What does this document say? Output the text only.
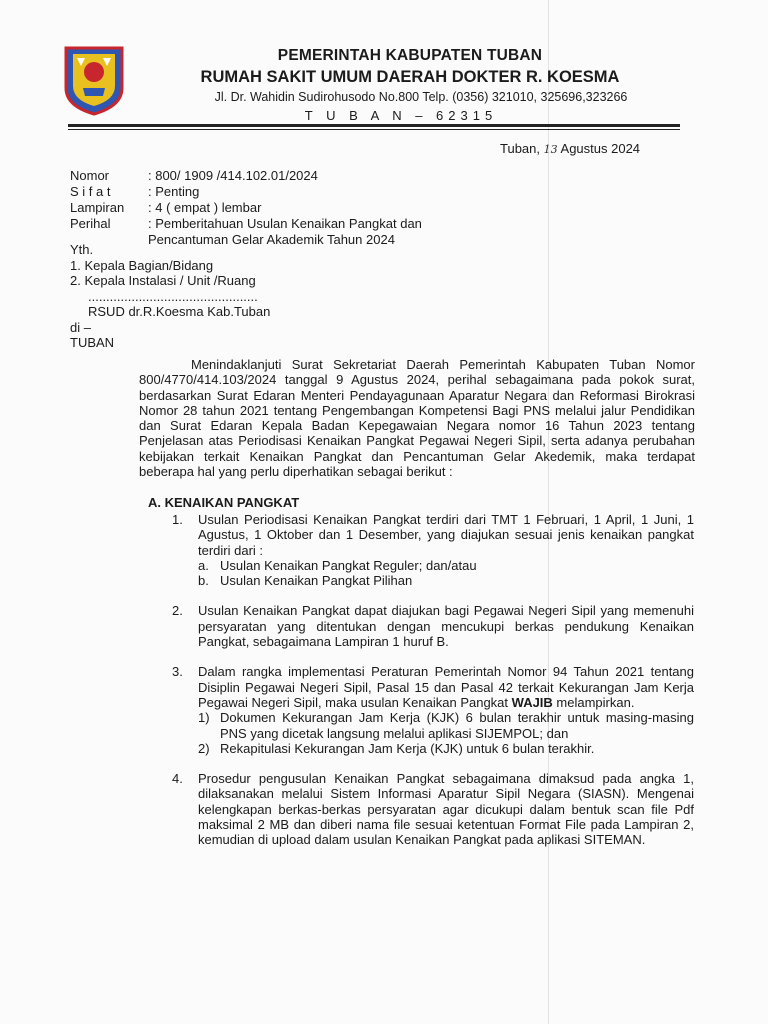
PEMERINTAH KABUPATEN TUBAN
RUMAH SAKIT UMUM DAERAH DOKTER R. KOESMA
Jl. Dr. Wahidin Sudirohusodo No.800 Telp. (0356) 321010, 325696,323266
T U B A N – 62315
Tuban, 13 Agustus 2024
Nomor	: 800/ 1909 /414.102.01/2024
S i f a t	: Penting
Lampiran	: 4 ( empat ) lembar
Perihal	: Pemberitahuan Usulan Kenaikan Pangkat dan
Pencantuman Gelar Akademik Tahun 2024
Yth.
1. Kepala Bagian/Bidang
2. Kepala Instalasi / Unit /Ruang
...............................................
RSUD dr.R.Koesma Kab.Tuban
di –
TUBAN

Menindaklanjuti Surat Sekretariat Daerah Pemerintah Kabupaten Tuban Nomor 800/4770/414.103/2024 tanggal 9 Agustus 2024, perihal sebagaimana pada pokok surat, berdasarkan Surat Edaran Menteri Pendayagunaan Aparatur Negara dan Reformasi Birokrasi Nomor 28 tahun 2021 tentang Pengembangan Kompetensi Bagi PNS melalui jalur Pendidikan dan Surat Edaran Kepala Badan Kepegawaian Negara nomor 16 Tahun 2023 tentang Penjelasan atas Periodisasi Kenaikan Pangkat Pegawai Negeri Sipil, serta adanya perubahan kebijakan terkait Kenaikan Pangkat dan Pencantuman Gelar Akedemik, maka terdapat beberapa hal yang perlu diperhatikan sebagai berikut :

A. KENAIKAN PANGKAT
1.	Usulan Periodisasi Kenaikan Pangkat terdiri dari TMT 1 Februari, 1 April, 1 Juni, 1 Agustus, 1 Oktober dan 1 Desember, yang diajukan sesuai jenis kenaikan pangkat terdiri dari :
a. Usulan Kenaikan Pangkat Reguler; dan/atau
b. Usulan Kenaikan Pangkat Pilihan
2.	Usulan Kenaikan Pangkat dapat diajukan bagi Pegawai Negeri Sipil yang memenuhi persyaratan yang ditentukan dengan mencukupi berkas pendukung Kenaikan Pangkat, sebagaimana Lampiran 1 huruf B.
3.	Dalam rangka implementasi Peraturan Pemerintah Nomor 94 Tahun 2021 tentang Disiplin Pegawai Negeri Sipil, Pasal 15 dan Pasal 42 terkait Kekurangan Jam Kerja Pegawai Negeri Sipil, maka usulan Kenaikan Pangkat WAJIB melampirkan.
1) Dokumen Kekurangan Jam Kerja (KJK) 6 bulan terakhir untuk masing-masing PNS yang dicetak langsung melalui aplikasi SIJEMPOL; dan
2) Rekapitulasi Kekurangan Jam Kerja (KJK) untuk 6 bulan terakhir.
4.	Prosedur pengusulan Kenaikan Pangkat sebagaimana dimaksud pada angka 1, dilaksanakan melalui Sistem Informasi Aparatur Sipil Negara (SIASN). Mengenai kelengkapan berkas-berkas persyaratan agar dicukupi dalam bentuk scan file Pdf maksimal 2 MB dan diberi nama file sesuai ketentuan Format File pada Lampiran 2, kemudian di upload dalam usulan Kenaikan Pangkat pada aplikasi SITEMAN.
